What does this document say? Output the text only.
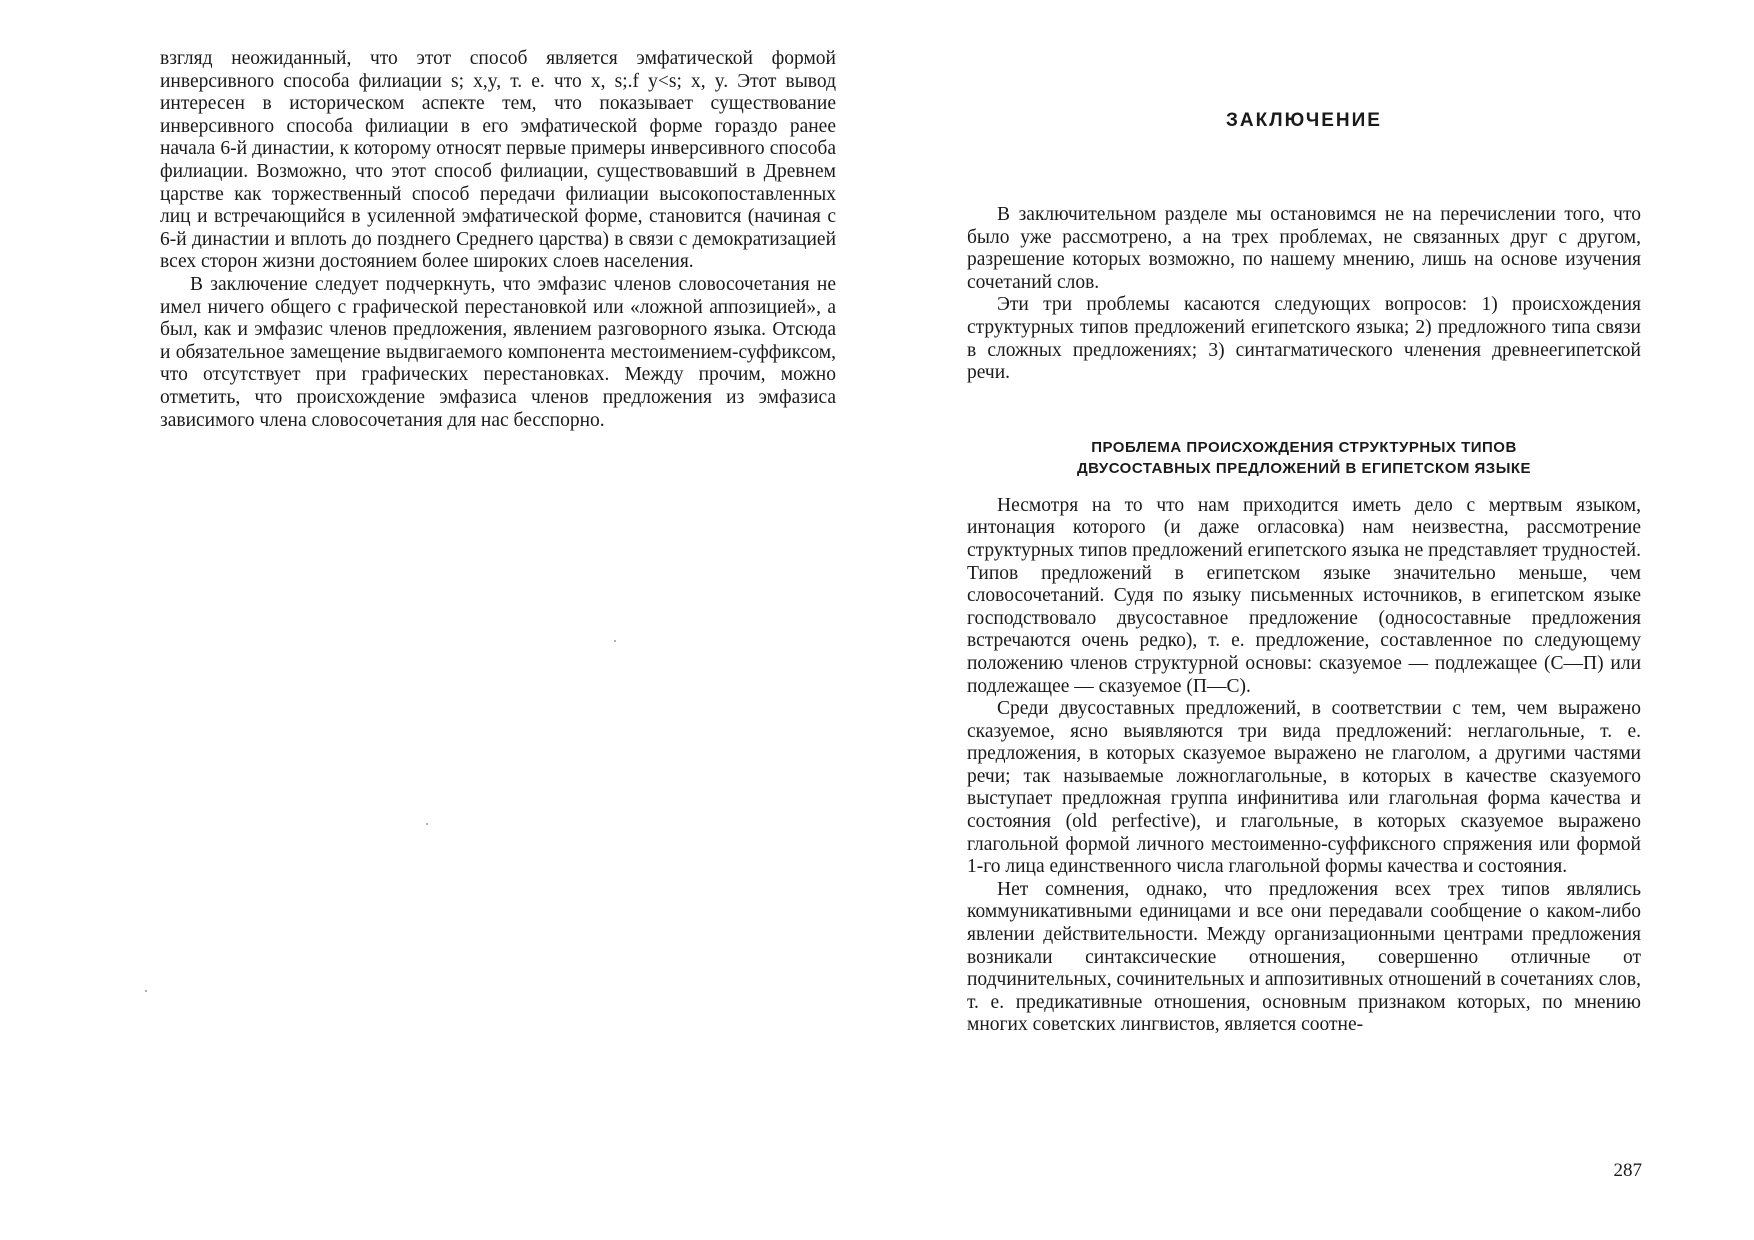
взгляд неожиданный, что этот способ является эмфатической формой инверсивного способа филиации s; x,y, т. е. что x, s;.f y<s; x, y. Этот вывод интересен в историческом аспекте тем, что показывает существование инверсивного способа филиации в его эмфатической форме гораздо ранее начала 6-й династии, к которому относят первые примеры инверсивного способа филиации. Возможно, что этот способ филиации, существовавший в Древнем царстве как торжественный способ передачи филиации высокопоставленных лиц и встречающийся в усиленной эмфатической форме, становится (начиная с 6-й династии и вплоть до позднего Среднего царства) в связи с демократизацией всех сторон жизни достоянием более широких слоев населения.

В заключение следует подчеркнуть, что эмфазис членов словосочетания не имел ничего общего с графической перестановкой или «ложной аппозицией», а был, как и эмфазис членов предложения, явлением разговорного языка. Отсюда и обязательное замещение выдвигаемого компонента местоимением-суффиксом, что отсутствует при графических перестановках. Между прочим, можно отметить, что происхождение эмфазиса членов предложения из эмфазиса зависимого члена словосочетания для нас бесспорно.

ЗАКЛЮЧЕНИЕ

В заключительном разделе мы остановимся не на перечислении того, что было уже рассмотрено, а на трех проблемах, не связанных друг с другом, разрешение которых возможно, по нашему мнению, лишь на основе изучения сочетаний слов.

Эти три проблемы касаются следующих вопросов: 1) происхождения структурных типов предложений египетского языка; 2) предложного типа связи в сложных предложениях; 3) синтагматического членения древнеегипетской речи.

ПРОБЛЕМА ПРОИСХОЖДЕНИЯ СТРУКТУРНЫХ ТИПОВ
ДВУСОСТАВНЫХ ПРЕДЛОЖЕНИЙ В ЕГИПЕТСКОМ ЯЗЫКЕ

Несмотря на то что нам приходится иметь дело с мертвым языком, интонация которого (и даже огласовка) нам неизвестна, рассмотрение структурных типов предложений египетского языка не представляет трудностей. Типов предложений в египетском языке значительно меньше, чем словосочетаний. Судя по языку письменных источников, в египетском языке господствовало двусоставное предложение (односоставные предложения встречаются очень редко), т. е. предложение, составленное по следующему положению членов структурной основы: сказуемое — подлежащее (С—П) или подлежащее — сказуемое (П—С).

Среди двусоставных предложений, в соответствии с тем, чем выражено сказуемое, ясно выявляются три вида предложений: неглагольные, т. е. предложения, в которых сказуемое выражено не глаголом, а другими частями речи; так называемые ложноглагольные, в которых в качестве сказуемого выступает предложная группа инфинитива или глагольная форма качества и состояния (old perfective), и глагольные, в которых сказуемое выражено глагольной формой личного местоименно-суффиксного спряжения или формой 1-го лица единственного числа глагольной формы качества и состояния.

Нет сомнения, однако, что предложения всех трех типов являлись коммуникативными единицами и все они передавали сообщение о каком-либо явлении действительности. Между организационными центрами предложения возникали синтаксические отношения, совершенно отличные от подчинительных, сочинительных и аппозитивных отношений в сочетаниях слов, т. е. предикативные отношения, основным признаком которых, по мнению многих советских лингвистов, является соотне-

287
